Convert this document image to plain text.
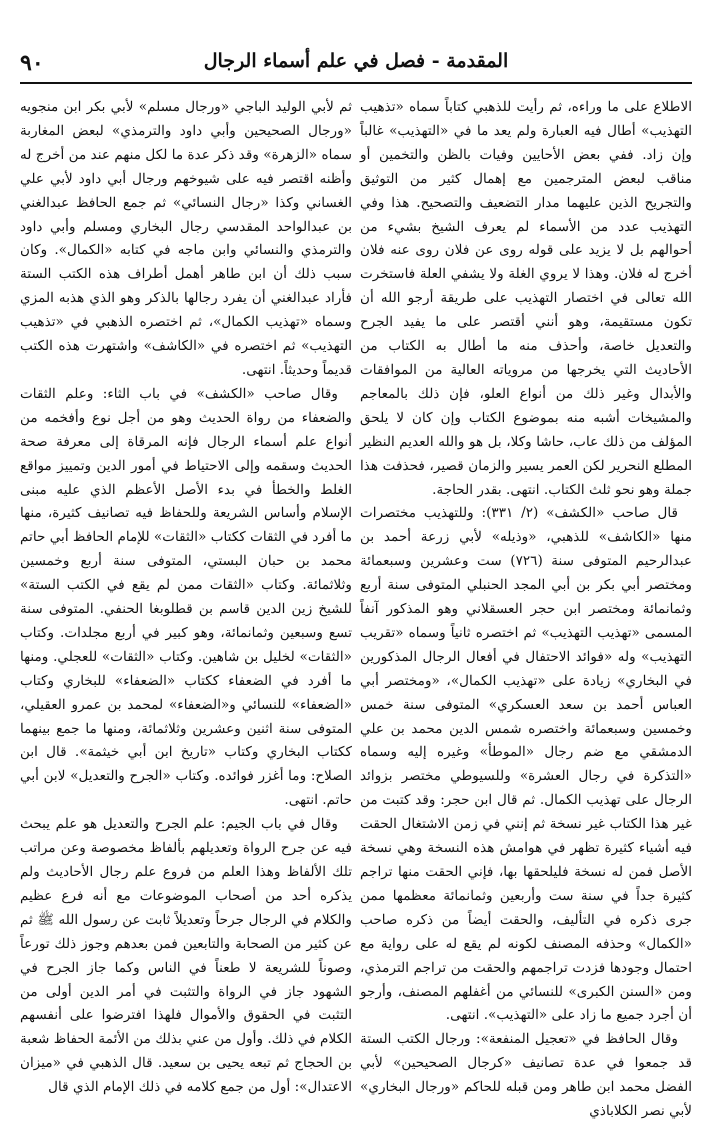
٩٠	المقدمة - فصل في علم أسماء الرجال

الاطلاع على ما وراءه، ثم رأيت للذهبي كتاباً سماه «تذهيب التهذيب» أطال فيه العبارة ولم يعد ما في «التهذيب» غالباً وإن زاد. ففي بعض الأحايين وفيات بالظن والتخمين أو مناقب لبعض المترجمين مع إهمال كثير من التوثيق والتجريح الذين عليهما مدار التضعيف والتصحيح. هذا وفي التهذيب عدد من الأسماء لم يعرف الشيخ بشيء من أحوالهم بل لا يزيد على قوله روى عن فلان روى عنه فلان أخرج له فلان. وهذا لا يروي الغلة ولا يشفي العلة فاستخرت الله تعالى في اختصار التهذيب على طريقة أرجو الله أن تكون مستقيمة، وهو أنني أقتصر على ما يفيد الجرح والتعديل خاصة، وأحذف منه ما أطال به الكتاب من الأحاديث التي يخرجها من مروياته العالية من الموافقات والأبدال وغير ذلك من أنواع العلو، فإن ذلك بالمعاجم والمشيخات أشبه منه بموضوع الكتاب وإن كان لا يلحق المؤلف من ذلك عاب، حاشا وكلا، بل هو والله العديم النظير المطلع النحرير لكن العمر يسير والزمان قصير، فحذفت هذا جملة وهو نحو ثلث الكتاب. انتهى. بقدر الحاجة.

قال صاحب «الكشف» (٢/ ٣٣١): وللتهذيب مختصرات منها «الكاشف» للذهبي، «وذيله» لأبي زرعة أحمد بن عبدالرحيم المتوفى سنة (٧٢٦) ست وعشرين وسبعمائة ومختصر أبي بكر بن أبي المجد الحنبلي المتوفى سنة أربع وثمانمائة ومختصر ابن حجر العسقلاني وهو المذكور آنفاً المسمى «تهذيب التهذيب» ثم اختصره ثانياً وسماه «تقريب التهذيب» وله «فوائد الاحتفال في أفعال الرجال المذكورين في البخاري» زيادة على «تهذيب الكمال»، «ومختصر أبي العباس أحمد بن سعد العسكري» المتوفى سنة خمس وخمسين وسبعمائة واختصره شمس الدين محمد بن علي الدمشقي مع ضم رجال «الموطأ» وغيره إليه وسماه «التذكرة في رجال العشرة» وللسيوطي مختصر بزوائد الرجال على تهذيب الكمال. ثم قال ابن حجر: وقد كتبت من غير هذا الكتاب غير نسخة ثم إنني في زمن الاشتغال الحقت فيه أشياء كثيرة تظهر في هوامش هذه النسخة وهي نسخة الأصل فمن له نسخة فليلحقها بها، فإني الحقت منها تراجم كثيرة جداً في سنة ست وأربعين وثمانمائة معظمها ممن جرى ذكره في التأليف، والحقت أيضاً من ذكره صاحب «الكمال» وحذفه المصنف لكونه لم يقع له على رواية مع احتمال وجودها فزدت تراجمهم والحقت من تراجم الترمذي، ومن «السنن الكبرى» للنسائي من أغفلهم المصنف، وأرجو أن أجرد جميع ما زاد على «التهذيب». انتهى.

وقال الحافظ في «تعجيل المنفعة»: ورجال الكتب الستة قد جمعوا في عدة تصانيف «كرجال الصحيحين» لأبي الفضل محمد ابن طاهر ومن قبله للحاكم «ورجال البخاري» لأبي نصر الكلاباذي

ثم لأبي الوليد الباجي «ورجال مسلم» لأبي بكر ابن منجويه «ورجال الصحيحين وأبي داود والترمذي» لبعض المغاربة سماه «الزهرة» وقد ذكر عدة ما لكل منهم عند من أخرج له وأظنه اقتصر فيه على شيوخهم ورجال أبي داود لأبي علي الغساني وكذا «رجال النسائي» ثم جمع الحافظ عبدالغني بن عبدالواحد المقدسي رجال البخاري ومسلم وأبي داود والترمذي والنسائي وابن ماجه في كتابه «الكمال». وكان سبب ذلك أن ابن طاهر أهمل أطراف هذه الكتب الستة فأراد عبدالغني أن يفرد رجالها بالذكر وهو الذي هذبه المزي وسماه «تهذيب الكمال»، ثم اختصره الذهبي في «تذهيب التهذيب» ثم اختصره في «الكاشف» واشتهرت هذه الكتب قديماً وحديثاً. انتهى.

وقال صاحب «الكشف» في باب الثاء: وعلم الثقات والضعفاء من رواة الحديث وهو من أجل نوع وأفخمه من أنواع علم أسماء الرجال فإنه المرقاة إلى معرفة صحة الحديث وسقمه وإلى الاحتياط في أمور الدين وتمييز مواقع الغلط والخطأ في بدء الأصل الأعظم الذي عليه مبنى الإسلام وأساس الشريعة وللحفاظ فيه تصانيف كثيرة، منها ما أفرد في الثقات ككتاب «الثقات» للإمام الحافظ أبي حاتم محمد بن حبان البستي، المتوفى سنة أربع وخمسين وثلاثمائة. وكتاب «الثقات ممن لم يقع في الكتب الستة» للشيخ زين الدين قاسم بن قطلوبغا الحنفي. المتوفى سنة تسع وسبعين وثمانمائة، وهو كبير في أربع مجلدات. وكتاب «الثقات» لخليل بن شاهين. وكتاب «الثقات» للعجلي. ومنها ما أفرد في الضعفاء ككتاب «الضعفاء» للبخاري وكتاب «الضعفاء» للنسائي و«الضعفاء» لمحمد بن عمرو العقيلي، المتوفى سنة اثنين وعشرين وثلاثمائة، ومنها ما جمع بينهما ككتاب البخاري وكتاب «تاريخ ابن أبي خيثمة». قال ابن الصلاح: وما أغزر فوائده. وكتاب «الجرح والتعديل» لابن أبي حاتم. انتهى.

وقال في باب الجيم: علم الجرح والتعديل هو علم يبحث فيه عن جرح الرواة وتعديلهم بألفاظ مخصوصة وعن مراتب تلك الألفاظ وهذا العلم من فروع علم رجال الأحاديث ولم يذكره أحد من أصحاب الموضوعات مع أنه فرع عظيم والكلام في الرجال جرحاً وتعديلاً ثابت عن رسول الله ﷺ ثم عن كثير من الصحابة والتابعين فمن بعدهم وجوز ذلك تورعاً وصوناً للشريعة لا طعناً في الناس وكما جاز الجرح في الشهود جاز في الرواة والتثبت في أمر الدين أولى من التثبت في الحقوق والأموال فلهذا افترضوا على أنفسهم الكلام في ذلك. وأول من عني بذلك من الأئمة الحفاظ شعبة بن الحجاج ثم تبعه يحيى بن سعيد. قال الذهبي في «ميزان الاعتدال»: أول من جمع كلامه في ذلك الإمام الذي قال
